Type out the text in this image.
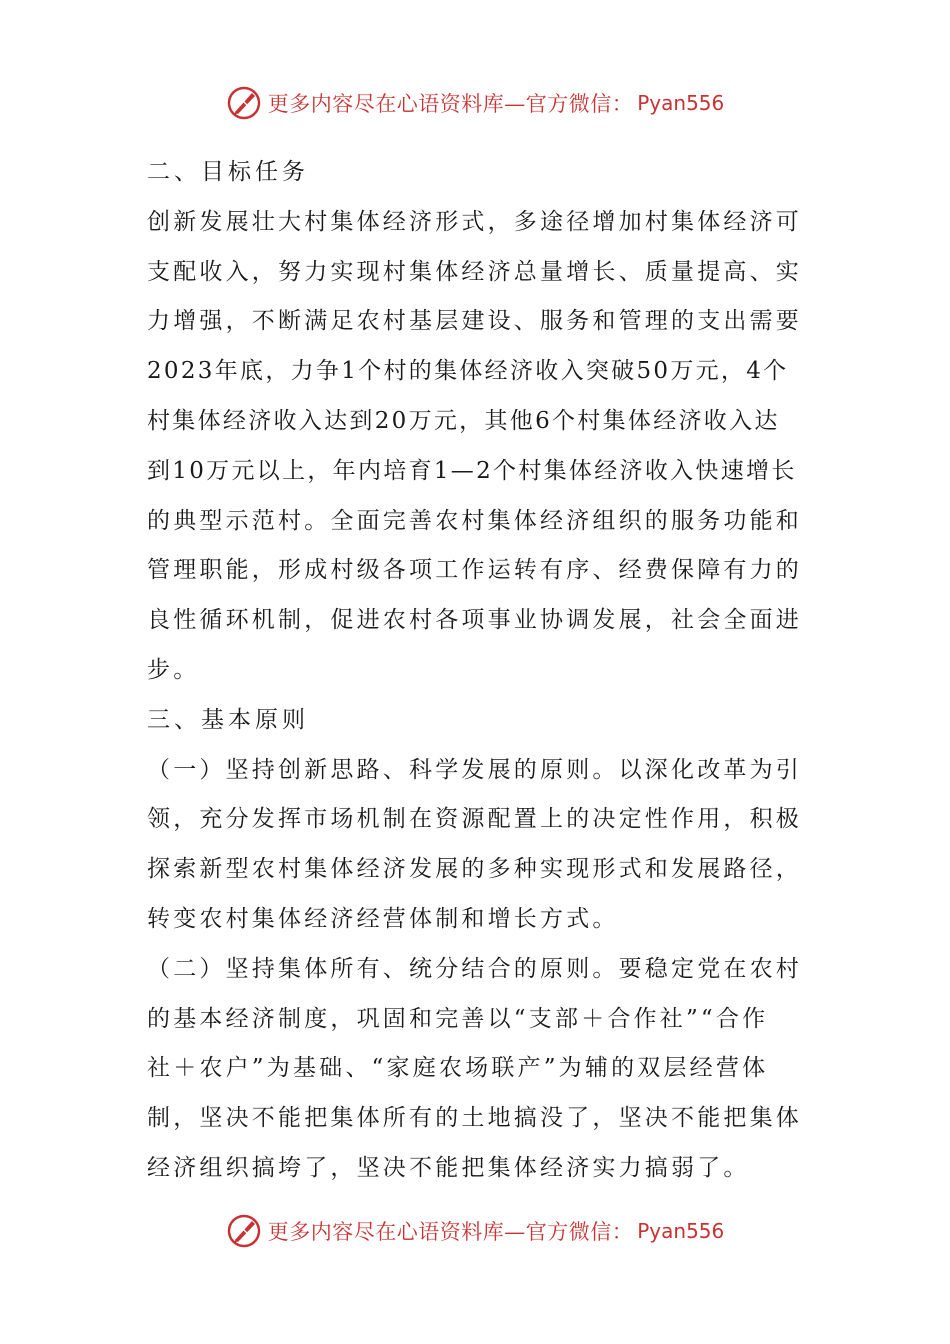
更多内容尽在心语资料库—官方微信： Pyan556
二、目标任务
创新发展壮大村集体经济形式，多途径增加村集体经济可
支配收入，努力实现村集体经济总量增长、质量提高、实
力增强，不断满足农村基层建设、服务和管理的支出需要
2023年底，力争1个村的集体经济收入突破50万元，4个
村集体经济收入达到20万元，其他6个村集体经济收入达
到10万元以上，年内培育1—2个村集体经济收入快速增长
的典型示范村。全面完善农村集体经济组织的服务功能和
管理职能，形成村级各项工作运转有序、经费保障有力的
良性循环机制，促进农村各项事业协调发展，社会全面进
步。
三、基本原则
（一）坚持创新思路、科学发展的原则。以深化改革为引
领，充分发挥市场机制在资源配置上的决定性作用，积极
探索新型农村集体经济发展的多种实现形式和发展路径，
转变农村集体经济经营体制和增长方式。
（二）坚持集体所有、统分结合的原则。要稳定党在农村
的基本经济制度，巩固和完善以“支部＋合作社”“合作
社＋农户”为基础、“家庭农场联产”为辅的双层经营体
制，坚决不能把集体所有的土地搞没了，坚决不能把集体
经济组织搞垮了，坚决不能把集体经济实力搞弱了。
更多内容尽在心语资料库—官方微信： Pyan556
